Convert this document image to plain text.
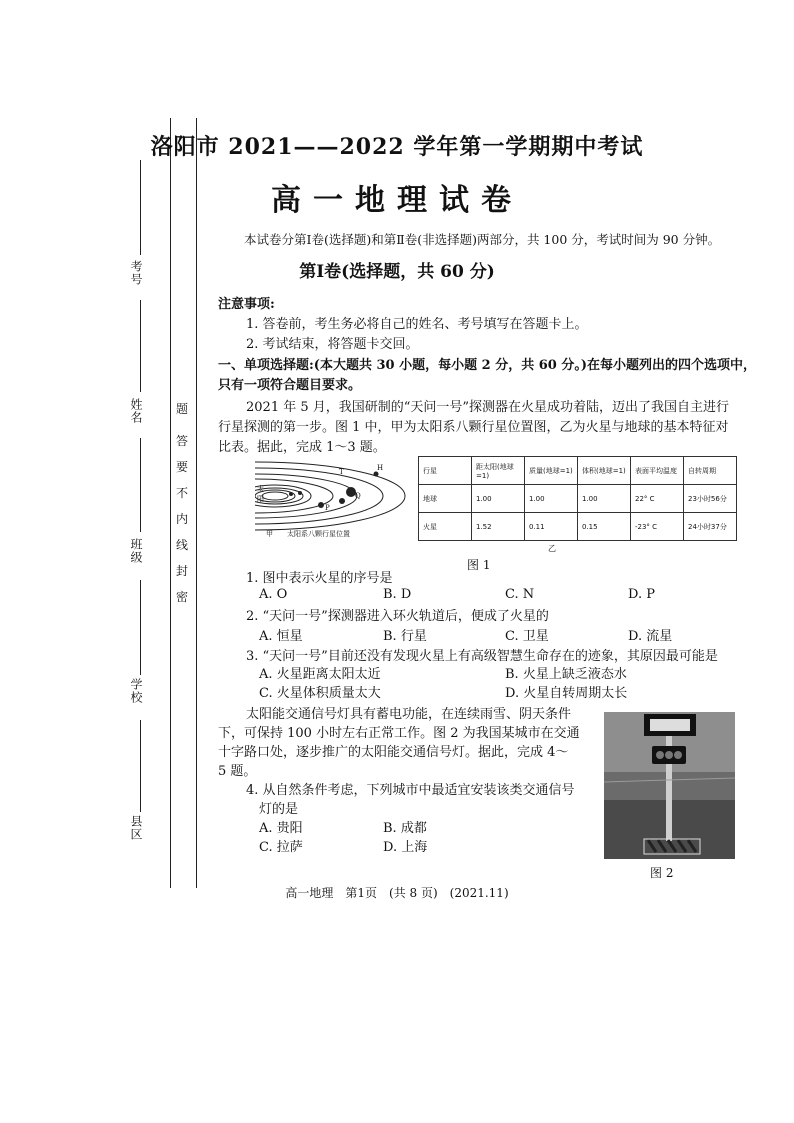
考号
姓名
班级
学校
县区
密
封
线
内
不
要
答
题
洛阳市 2021——2022 学年第一学期期中考试
高一地理试卷
本试卷分第Ⅰ卷(选择题)和第Ⅱ卷(非选择题)两部分，共 100 分，考试时间为 90 分钟。
第Ⅰ卷(选择题，共 60 分)
注意事项:
1. 答卷前，考生务必将自己的姓名、考号填写在答题卡上。
2. 考试结束，将答题卡交回。
一、单项选择题:(本大题共 30 小题，每小题 2 分，共 60 分。)在每小题列出的四个选项中，
只有一项符合题目要求。
2021 年 5 月，我国研制的“天问一号”探测器在火星成功着陆，迈出了我国自主进行
行星探测的第一步。图 1 中，甲为太阳系八颗行星位置图，乙为火星与地球的基本特征对
比表。据此，完成 1～3 题。
T	H
Q
P
太
阳
甲　　太阳系八颗行星位置
行星	距太阳(地球=1)	质量(地球=1)	体积(地球=1)	表面平均温度	自转周期
地球	1.00	1.00	1.00	22° C	23小时56分
火星	1.52	0.11	0.15	-23° C	24小时37分
乙
图 1
1. 图中表示火星的序号是
A. O	B. D	C. N	D. P
2. “天问一号”探测器进入环火轨道后，便成了火星的
A. 恒星	B. 行星	C. 卫星	D. 流星
3. “天问一号”目前还没有发现火星上有高级智慧生命存在的迹象，其原因最可能是
A. 火星距离太阳太近	B. 火星上缺乏液态水
C. 火星体积质量太大	D. 火星自转周期太长
太阳能交通信号灯具有蓄电功能，在连续雨雪、阴天条件
下，可保持 100 小时左右正常工作。图 2 为我国某城市在交通
十字路口处，逐步推广的太阳能交通信号灯。据此，完成 4～
5 题。
4. 从自然条件考虑，下列城市中最适宜安装该类交通信号
灯的是
A. 贵阳	B. 成都
C. 拉萨	D. 上海
图 2
高一地理　第1页　(共 8 页)　(2021.11)
